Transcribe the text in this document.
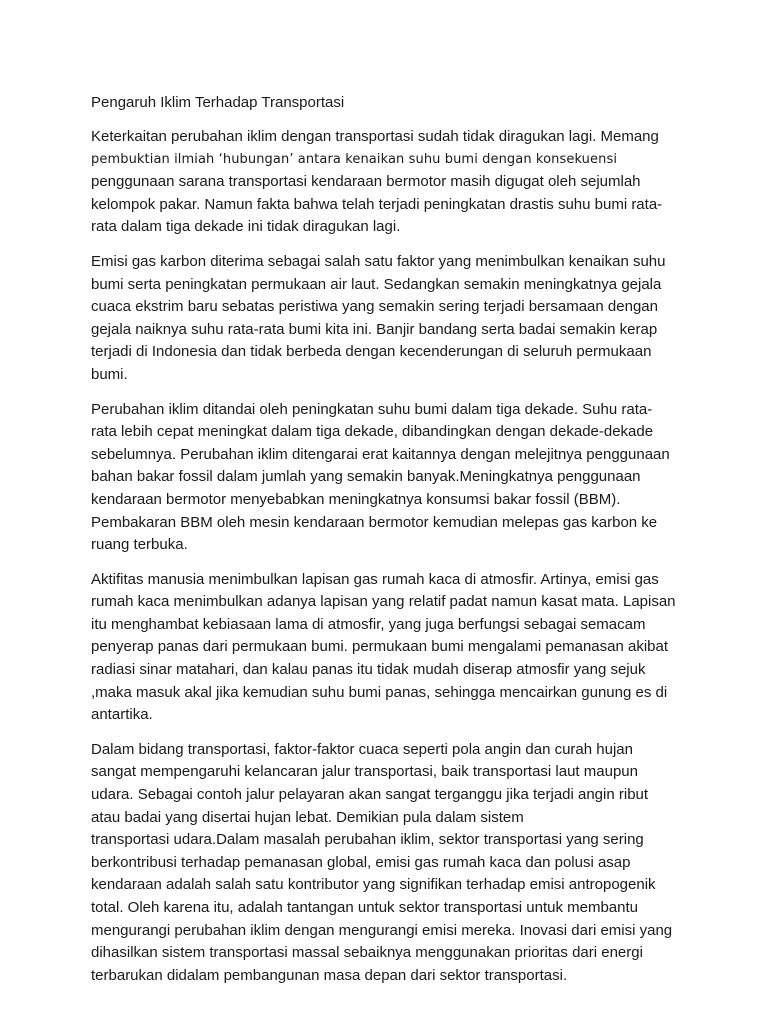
Pengaruh Iklim Terhadap Transportasi
Keterkaitan perubahan iklim dengan transportasi sudah tidak diragukan lagi. Memang
pembuktian ilmiah ‘hubungan’ antara kenaikan suhu bumi dengan konsekuensi
penggunaan sarana transportasi kendaraan bermotor masih digugat oleh sejumlah
kelompok pakar. Namun fakta bahwa telah terjadi peningkatan drastis suhu bumi rata-
rata dalam tiga dekade ini tidak diragukan lagi.
Emisi gas karbon diterima sebagai salah satu faktor yang menimbulkan kenaikan suhu
bumi serta peningkatan permukaan air laut. Sedangkan semakin meningkatnya gejala
cuaca ekstrim baru sebatas peristiwa yang semakin sering terjadi bersamaan dengan
gejala naiknya suhu rata-rata bumi kita ini. Banjir bandang serta badai semakin kerap
terjadi di Indonesia dan tidak berbeda dengan kecenderungan di seluruh permukaan
bumi.
Perubahan iklim ditandai oleh peningkatan suhu bumi dalam tiga dekade. Suhu rata-
rata lebih cepat meningkat dalam tiga dekade, dibandingkan dengan dekade-dekade
sebelumnya. Perubahan iklim ditengarai erat kaitannya dengan melejitnya penggunaan
bahan bakar fossil dalam jumlah yang semakin banyak.Meningkatnya penggunaan
kendaraan bermotor menyebabkan meningkatnya konsumsi bakar fossil (BBM).
Pembakaran BBM oleh mesin kendaraan bermotor kemudian melepas gas karbon ke
ruang terbuka.
Aktifitas manusia menimbulkan lapisan gas rumah kaca di atmosfir. Artinya, emisi gas
rumah kaca menimbulkan adanya lapisan yang relatif padat namun kasat mata. Lapisan
itu menghambat kebiasaan lama di atmosfir, yang juga berfungsi sebagai semacam
penyerap panas dari permukaan bumi. permukaan bumi mengalami pemanasan akibat
radiasi sinar matahari, dan kalau panas itu tidak mudah diserap atmosfir yang sejuk
,maka masuk akal jika kemudian suhu bumi panas, sehingga mencairkan gunung es di
antartika.
Dalam bidang transportasi, faktor-faktor cuaca seperti pola angin dan curah hujan
sangat mempengaruhi kelancaran jalur transportasi, baik transportasi laut maupun
udara. Sebagai contoh jalur pelayaran akan sangat terganggu jika terjadi angin ribut
atau badai yang disertai hujan lebat. Demikian pula dalam sistem
transportasi udara.Dalam masalah perubahan iklim, sektor transportasi yang sering
berkontribusi terhadap pemanasan global, emisi gas rumah kaca dan polusi asap
kendaraan adalah salah satu kontributor yang signifikan terhadap emisi antropogenik
total. Oleh karena itu, adalah tantangan untuk sektor transportasi untuk membantu
mengurangi perubahan iklim dengan mengurangi emisi mereka. Inovasi dari emisi yang
dihasilkan sistem transportasi massal sebaiknya menggunakan prioritas dari energi
terbarukan didalam pembangunan masa depan dari sektor transportasi.
